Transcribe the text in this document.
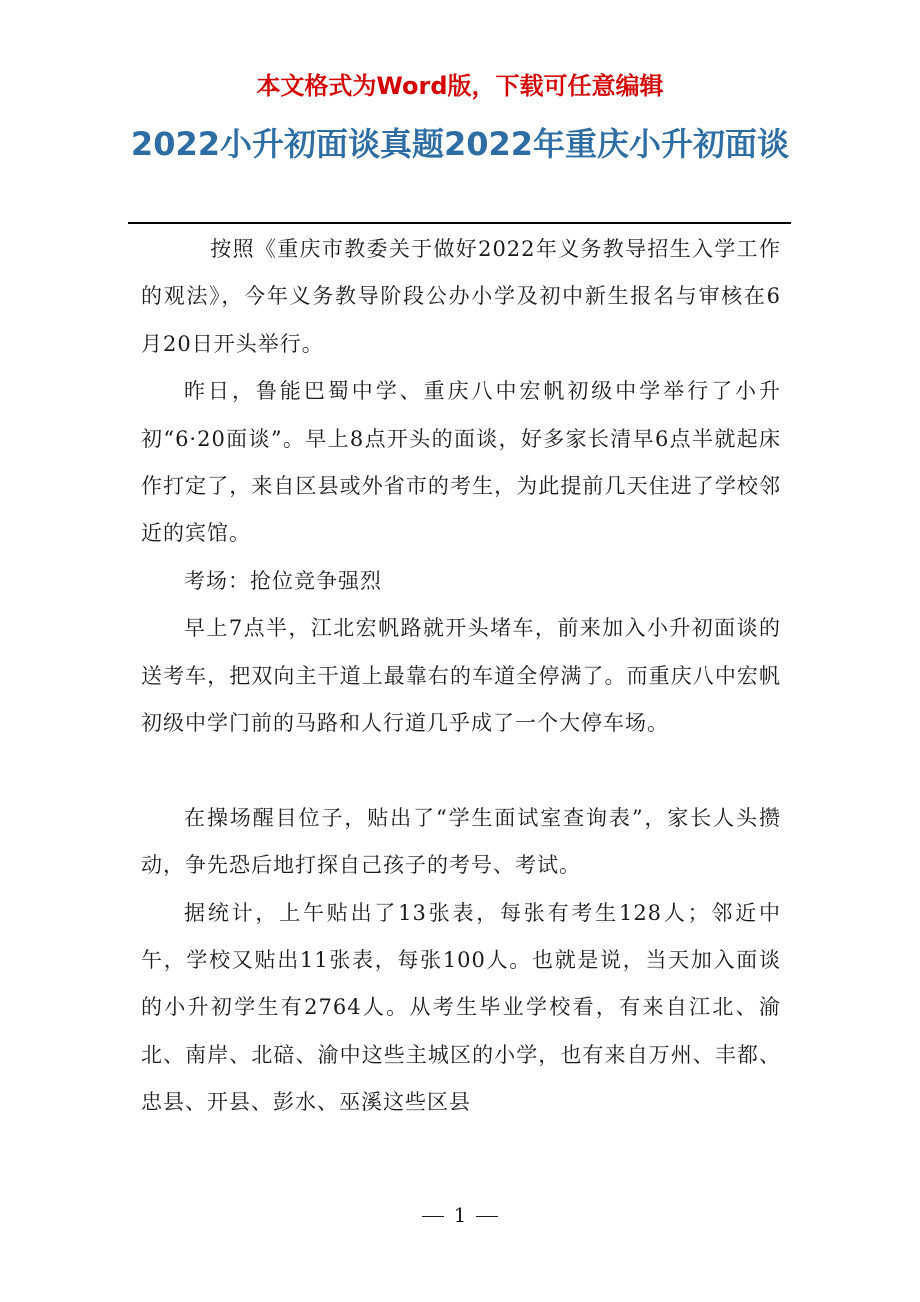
本文格式为Word版，下载可任意编辑
2022小升初面谈真题2022年重庆小升初面谈

按照《重庆市教委关于做好2022年义务教导招生入学工作的观法》，今年义务教导阶段公办小学及初中新生报名与审核在6月20日开头举行。

昨日，鲁能巴蜀中学、重庆八中宏帆初级中学举行了小升初“6·20面谈”。早上8点开头的面谈，好多家长清早6点半就起床作打定了，来自区县或外省市的考生，为此提前几天住进了学校邻近的宾馆。

考场：抢位竞争强烈

早上7点半，江北宏帆路就开头堵车，前来加入小升初面谈的送考车，把双向主干道上最靠右的车道全停满了。而重庆八中宏帆初级中学门前的马路和人行道几乎成了一个大停车场。

在操场醒目位子，贴出了“学生面试室查询表”，家长人头攒动，争先恐后地打探自己孩子的考号、考试。

据统计，上午贴出了13张表，每张有考生128人；邻近中午，学校又贴出11张表，每张100人。也就是说，当天加入面谈的小升初学生有2764人。从考生毕业学校看，有来自江北、渝北、南岸、北碚、渝中这些主城区的小学，也有来自万州、丰都、忠县、开县、彭水、巫溪这些区县

1
